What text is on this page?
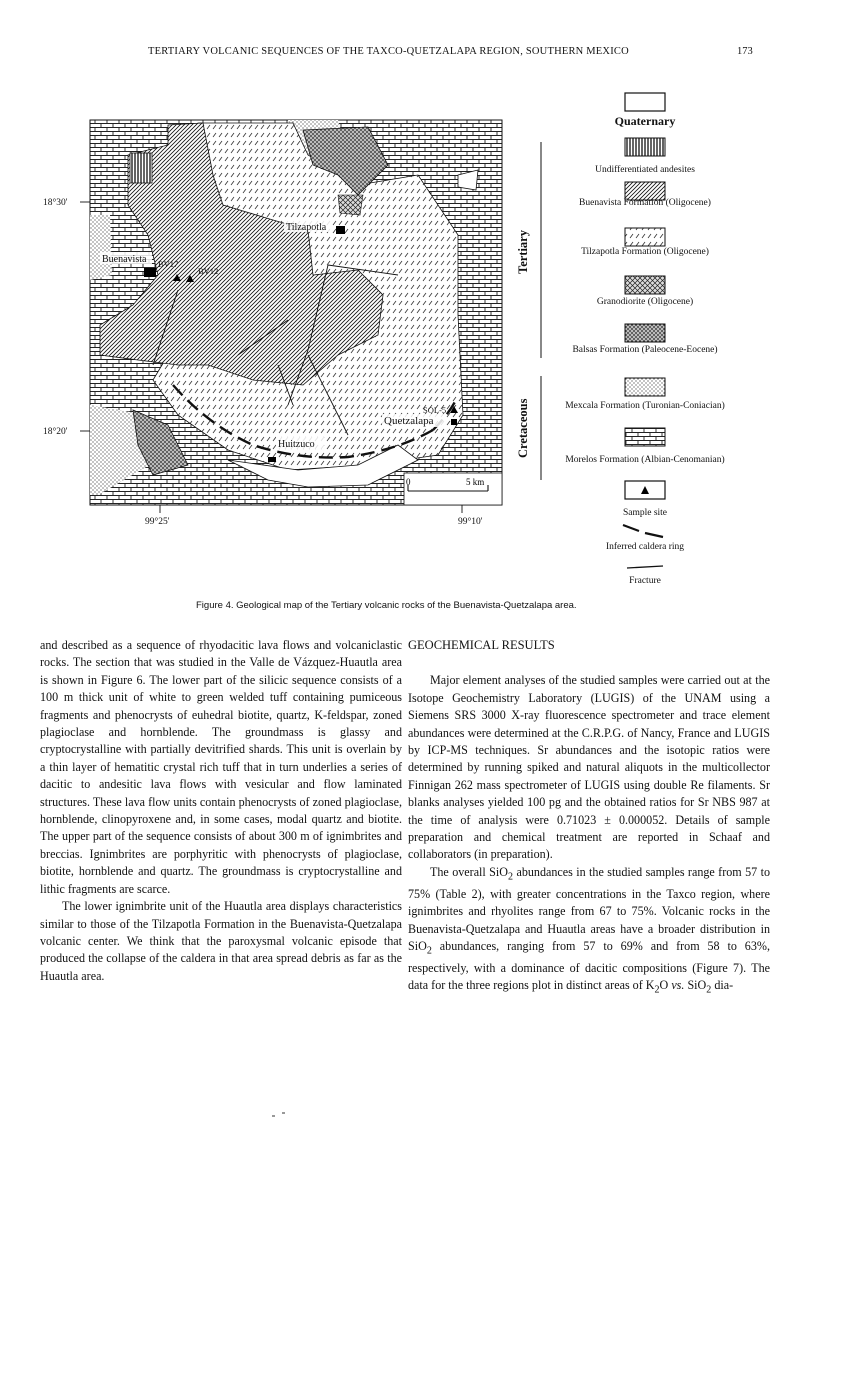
TERTIARY VOLCANIC SEQUENCES OF THE TAXCO-QUETZALAPA REGION, SOUTHERN MEXICO	173
Buenavista
Tilzapotla
Huitzuco
Quetzalapa
BV17
BV12
SOL-5
0	5 km
18°30'
18°20'
99°25'	99°10'
Quaternary
Tertiary
Cretaceous
Undifferentiated andesites
Buenavista Formation (Oligocene)
Tilzapotla Formation (Oligocene)
Granodiorite (Oligocene)
Balsas Formation (Paleocene-Eocene)
Mexcala Formation (Turonian-Coniacian)
Morelos Formation (Albian-Cenomanian)
Sample site
Inferred caldera ring
Fracture
Figure 4. Geological map of the Tertiary volcanic rocks of the Buenavista-Quetzalapa area.

and described as a sequence of rhyodacitic lava flows and volcaniclastic rocks. The section that was studied in the Valle de Vázquez-Huautla area is shown in Figure 6. The lower part of the silicic sequence consists of a 100 m thick unit of white to green welded tuff containing pumiceous fragments and phenocrysts of euhedral biotite, quartz, K-feldspar, zoned plagioclase and hornblende. The groundmass is glassy and cryptocrystalline with partially devitrified shards. This unit is overlain by a thin layer of hematitic crystal rich tuff that in turn underlies a series of dacitic to andesitic lava flows with vesicular and flow laminated structures. These lava flow units contain phenocrysts of zoned plagioclase, hornblende, clinopyroxene and, in some cases, modal quartz and biotite. The upper part of the sequence consists of about 300 m of ignimbrites and breccias. Ignimbrites are porphyritic with phenocrysts of plagioclase, biotite, hornblende and quartz. The groundmass is cryptocrystalline and lithic fragments are scarce.

The lower ignimbrite unit of the Huautla area displays characteristics similar to those of the Tilzapotla Formation in the Buenavista-Quetzalapa volcanic center. We think that the paroxysmal volcanic episode that produced the collapse of the caldera in that area spread debris as far as the Huautla area.

GEOCHEMICAL RESULTS

Major element analyses of the studied samples were carried out at the Isotope Geochemistry Laboratory (LUGIS) of the UNAM using a Siemens SRS 3000 X-ray fluorescence spectrometer and trace element abundances were determined at the C.R.P.G. of Nancy, France and LUGIS by ICP-MS techniques. Sr abundances and the isotopic ratios were determined by running spiked and natural aliquots in the multicollector Finnigan 262 mass spectrometer of LUGIS using double Re filaments. Sr blanks analyses yielded 100 pg and the obtained ratios for Sr NBS 987 at the time of analysis were 0.71023 ± 0.000052. Details of sample preparation and chemical treatment are reported in Schaaf and collaborators (in preparation).

The overall SiO$_2$ abundances in the studied samples range from 57 to 75% (Table 2), with greater concentrations in the Taxco region, where ignimbrites and rhyolites range from 67 to 75%. Volcanic rocks in the Buenavista-Quetzalapa and Huautla areas have a broader distribution in SiO$_2$ abundances, ranging from 57 to 69% and from 58 to 63%, respectively, with a dominance of dacitic compositions (Figure 7). The data for the three regions plot in distinct areas of $K_2O$ vs. SiO$_2$ dia-
